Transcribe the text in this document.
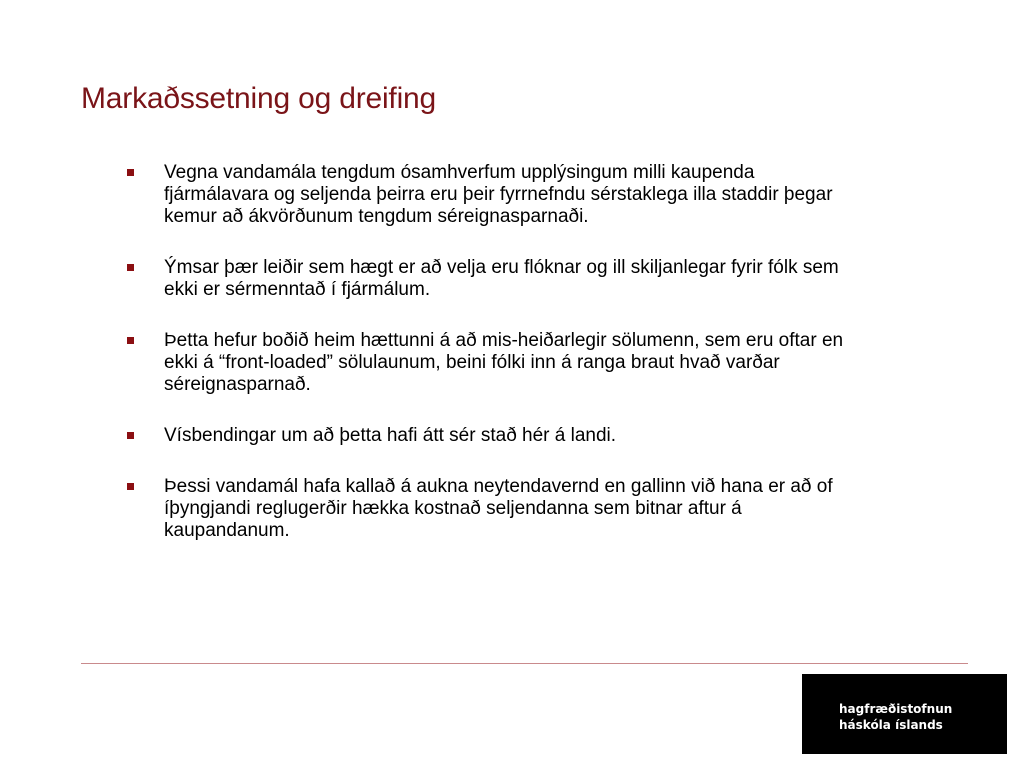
Markaðssetning og dreifing
Vegna vandamála tengdum ósamhverfum upplýsingum milli kaupenda fjármálavara og seljenda þeirra eru þeir fyrrnefndu sérstaklega illa staddir þegar kemur að ákvörðunum tengdum séreignasparnaði.
Ýmsar þær leiðir sem hægt er að velja eru flóknar og ill skiljanlegar fyrir fólk sem ekki er sérmenntað í fjármálum.
Þetta hefur boðið heim hættunni á að mis-heiðarlegir sölumenn, sem eru oftar en ekki á “front-loaded” sölulaunum, beini fólki inn á ranga braut hvað varðar séreignasparnað.
Vísbendingar um að þetta hafi átt sér stað hér á landi.
Þessi vandamál hafa kallað á aukna neytendavernd en gallinn við hana er að of íþyngjandi reglugerðir hækka kostnað seljendanna sem bitnar aftur á kaupandanum.
hagfræðistofnun
háskóla íslands
